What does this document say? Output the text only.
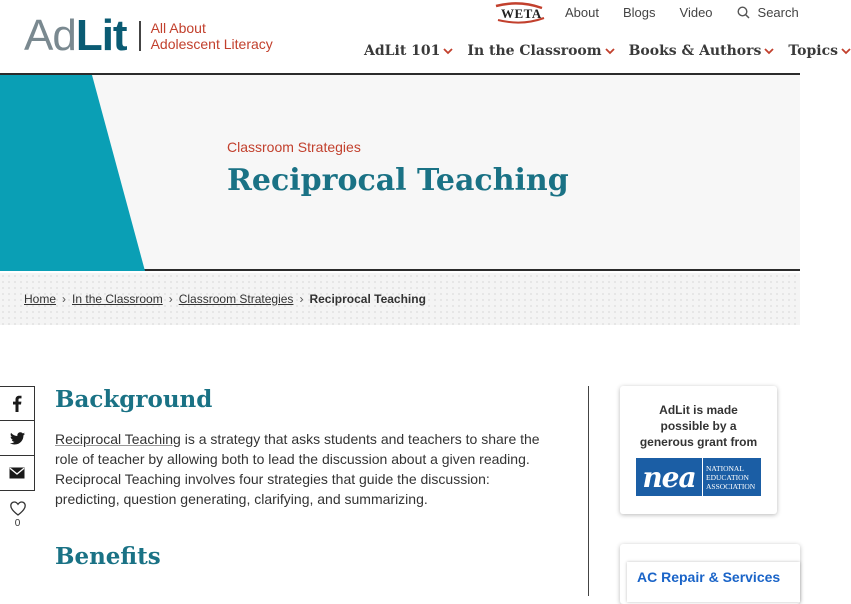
Ad Lit All About
Adolescent Literacy
WETA About Blogs Video	Search
AdLit 101 In the Classroom Books & Authors Topics
Classroom Strategies
Reciprocal Teaching
Home › In the Classroom › Classroom Strategies › Reciprocal Teaching
0
Background

Reciprocal Teaching is a strategy that asks students and teachers to share the role of teacher by allowing both to lead the discussion about a given reading. Reciprocal Teaching involves four strategies that guide the discussion: predicting, question generating, clarifying, and summarizing.

Benefits
AdLit is made possible by a generous grant from
nea	NATIONAL
EDUCATION
ASSOCIATION
AC Repair & Services
